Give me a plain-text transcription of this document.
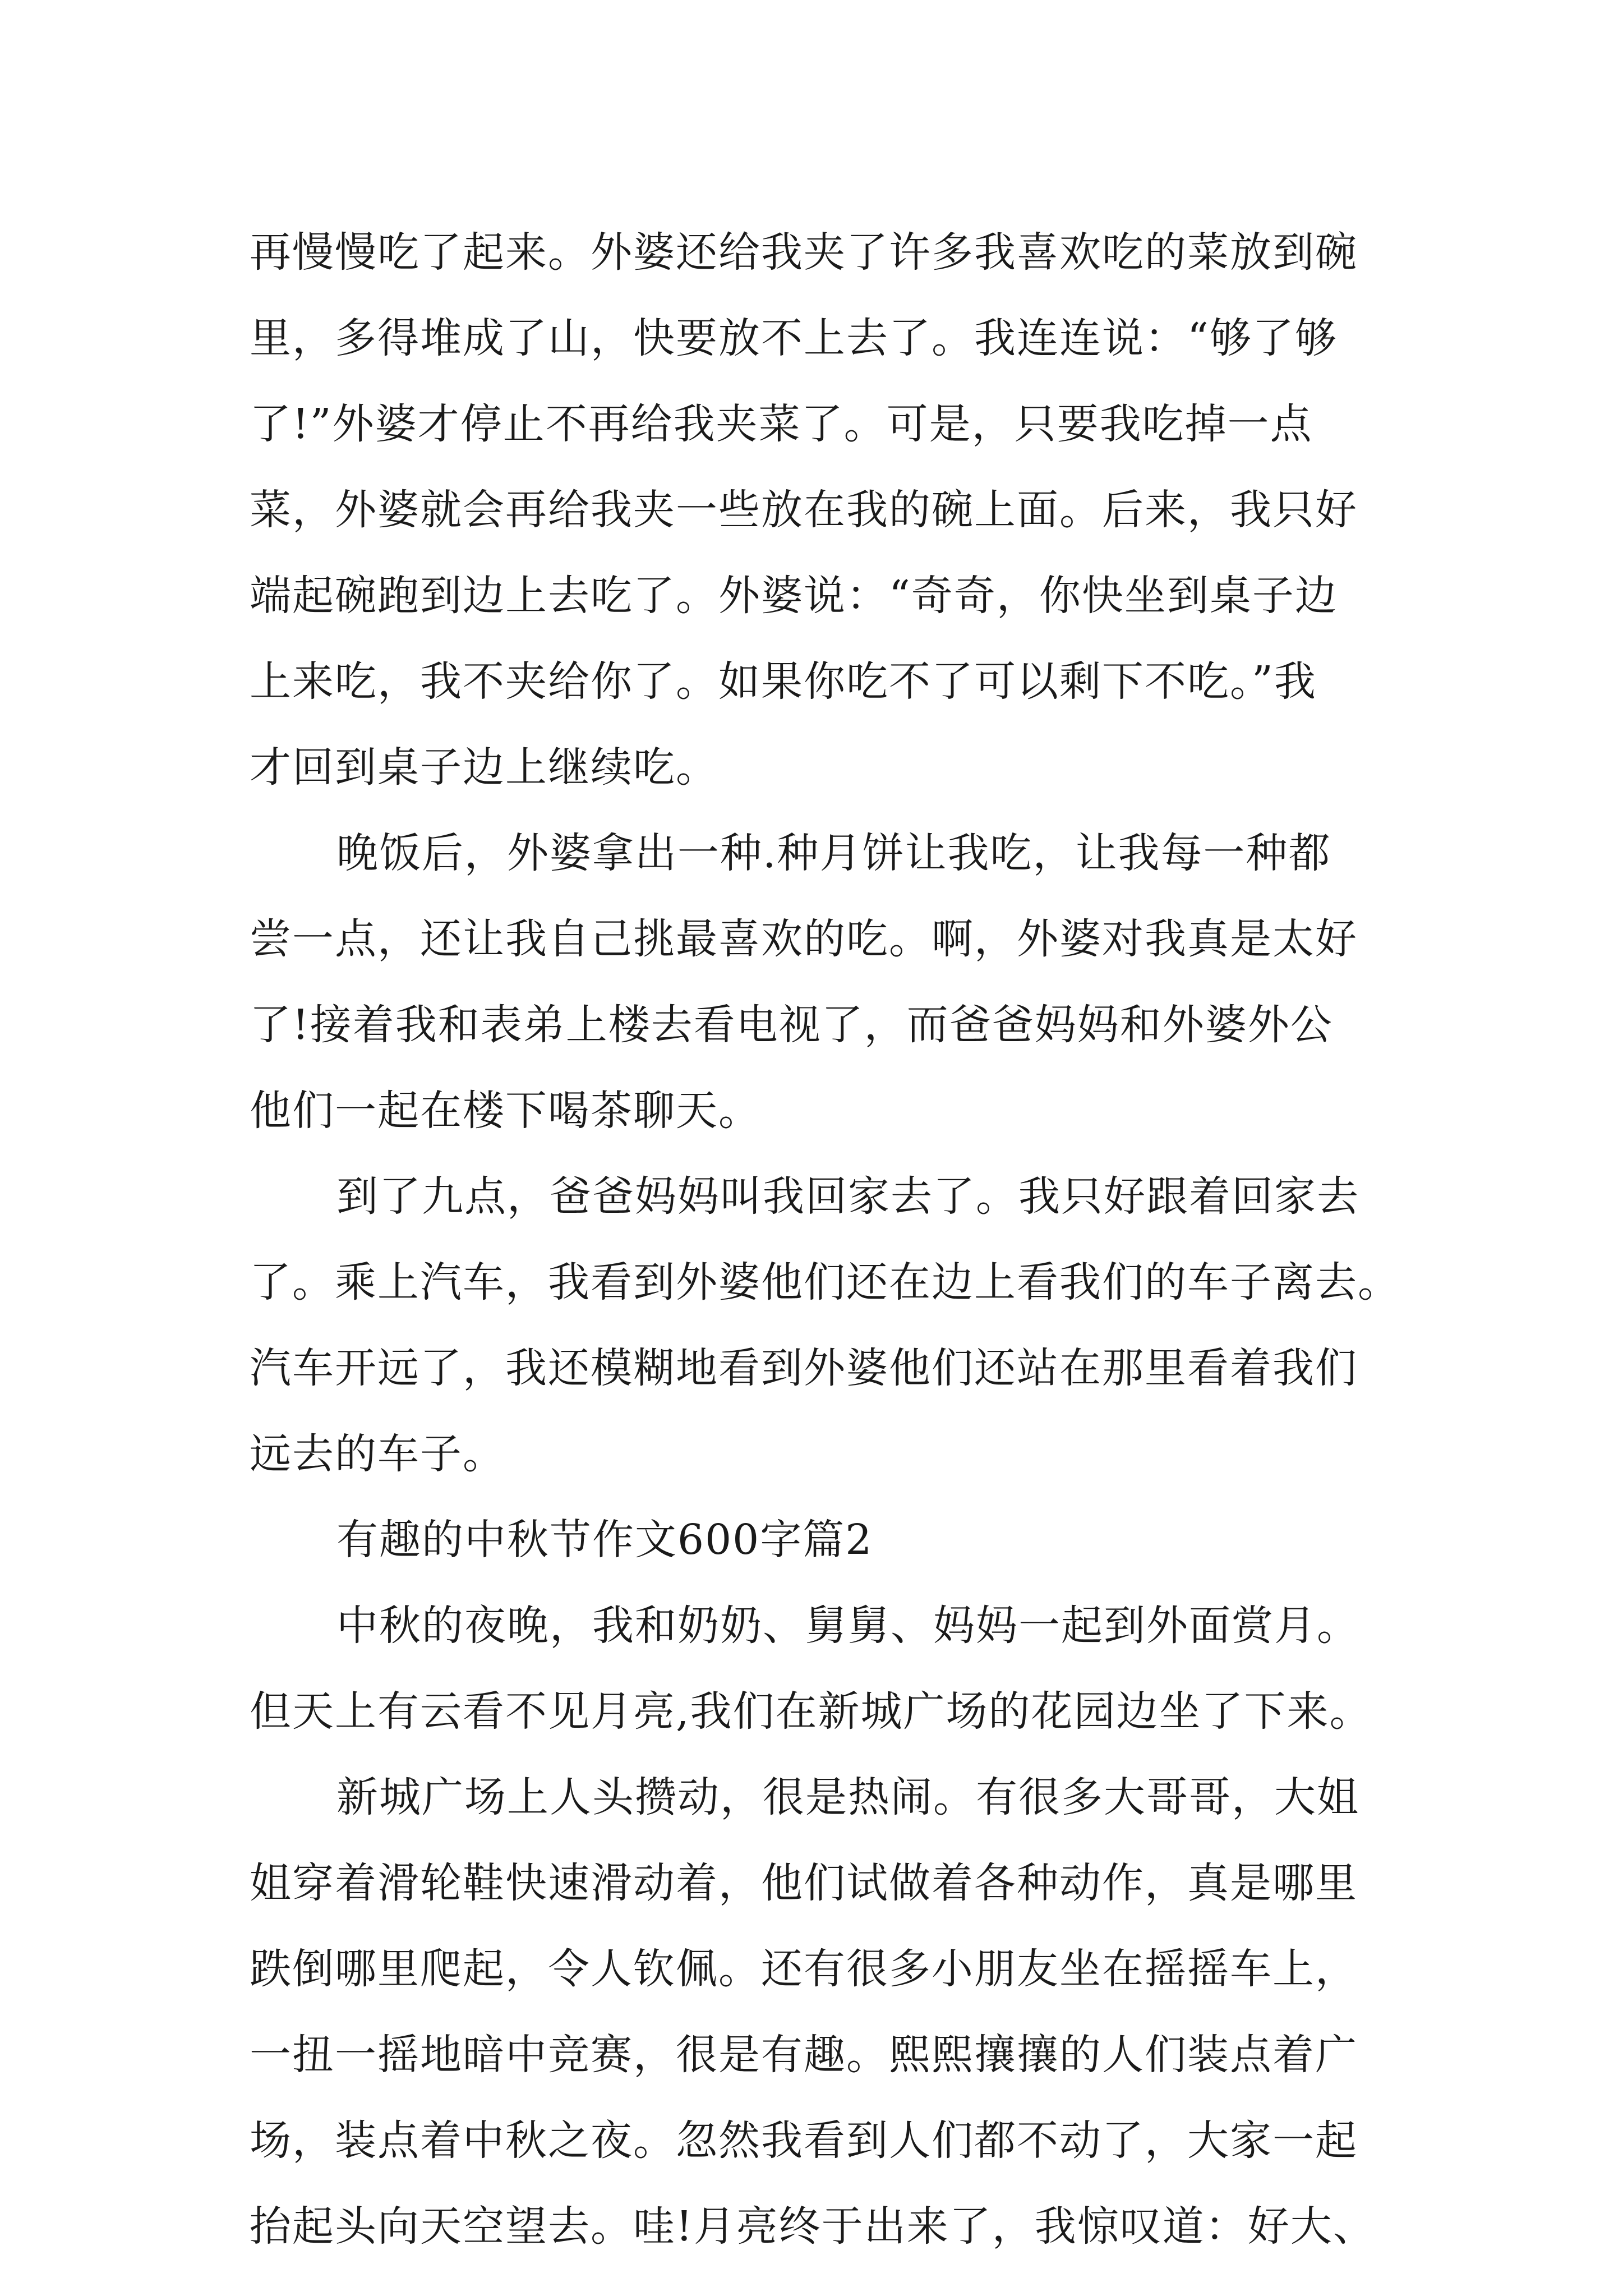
再慢慢吃了起来。外婆还给我夹了许多我喜欢吃的菜放到碗
里，多得堆成了山，快要放不上去了。我连连说：“够了够
了!”外婆才停止不再给我夹菜了。可是，只要我吃掉一点
菜，外婆就会再给我夹一些放在我的碗上面。后来，我只好
端起碗跑到边上去吃了。外婆说：“奇奇，你快坐到桌子边
上来吃，我不夹给你了。如果你吃不了可以剩下不吃。”我
才回到桌子边上继续吃。
晚饭后，外婆拿出一种.种月饼让我吃，让我每一种都
尝一点，还让我自己挑最喜欢的吃。啊，外婆对我真是太好
了!接着我和表弟上楼去看电视了，而爸爸妈妈和外婆外公
他们一起在楼下喝茶聊天。
到了九点，爸爸妈妈叫我回家去了。我只好跟着回家去
了。乘上汽车，我看到外婆他们还在边上看我们的车子离去。
汽车开远了，我还模糊地看到外婆他们还站在那里看着我们
远去的车子。
有趣的中秋节作文600字篇2
中秋的夜晚，我和奶奶、舅舅、妈妈一起到外面赏月。
但天上有云看不见月亮,我们在新城广场的花园边坐了下来。
新城广场上人头攒动，很是热闹。有很多大哥哥，大姐
姐穿着滑轮鞋快速滑动着，他们试做着各种动作，真是哪里
跌倒哪里爬起，令人钦佩。还有很多小朋友坐在摇摇车上，
一扭一摇地暗中竞赛，很是有趣。熙熙攘攘的人们装点着广
场，装点着中秋之夜。忽然我看到人们都不动了，大家一起
抬起头向天空望去。哇!月亮终于出来了，我惊叹道：好大、
